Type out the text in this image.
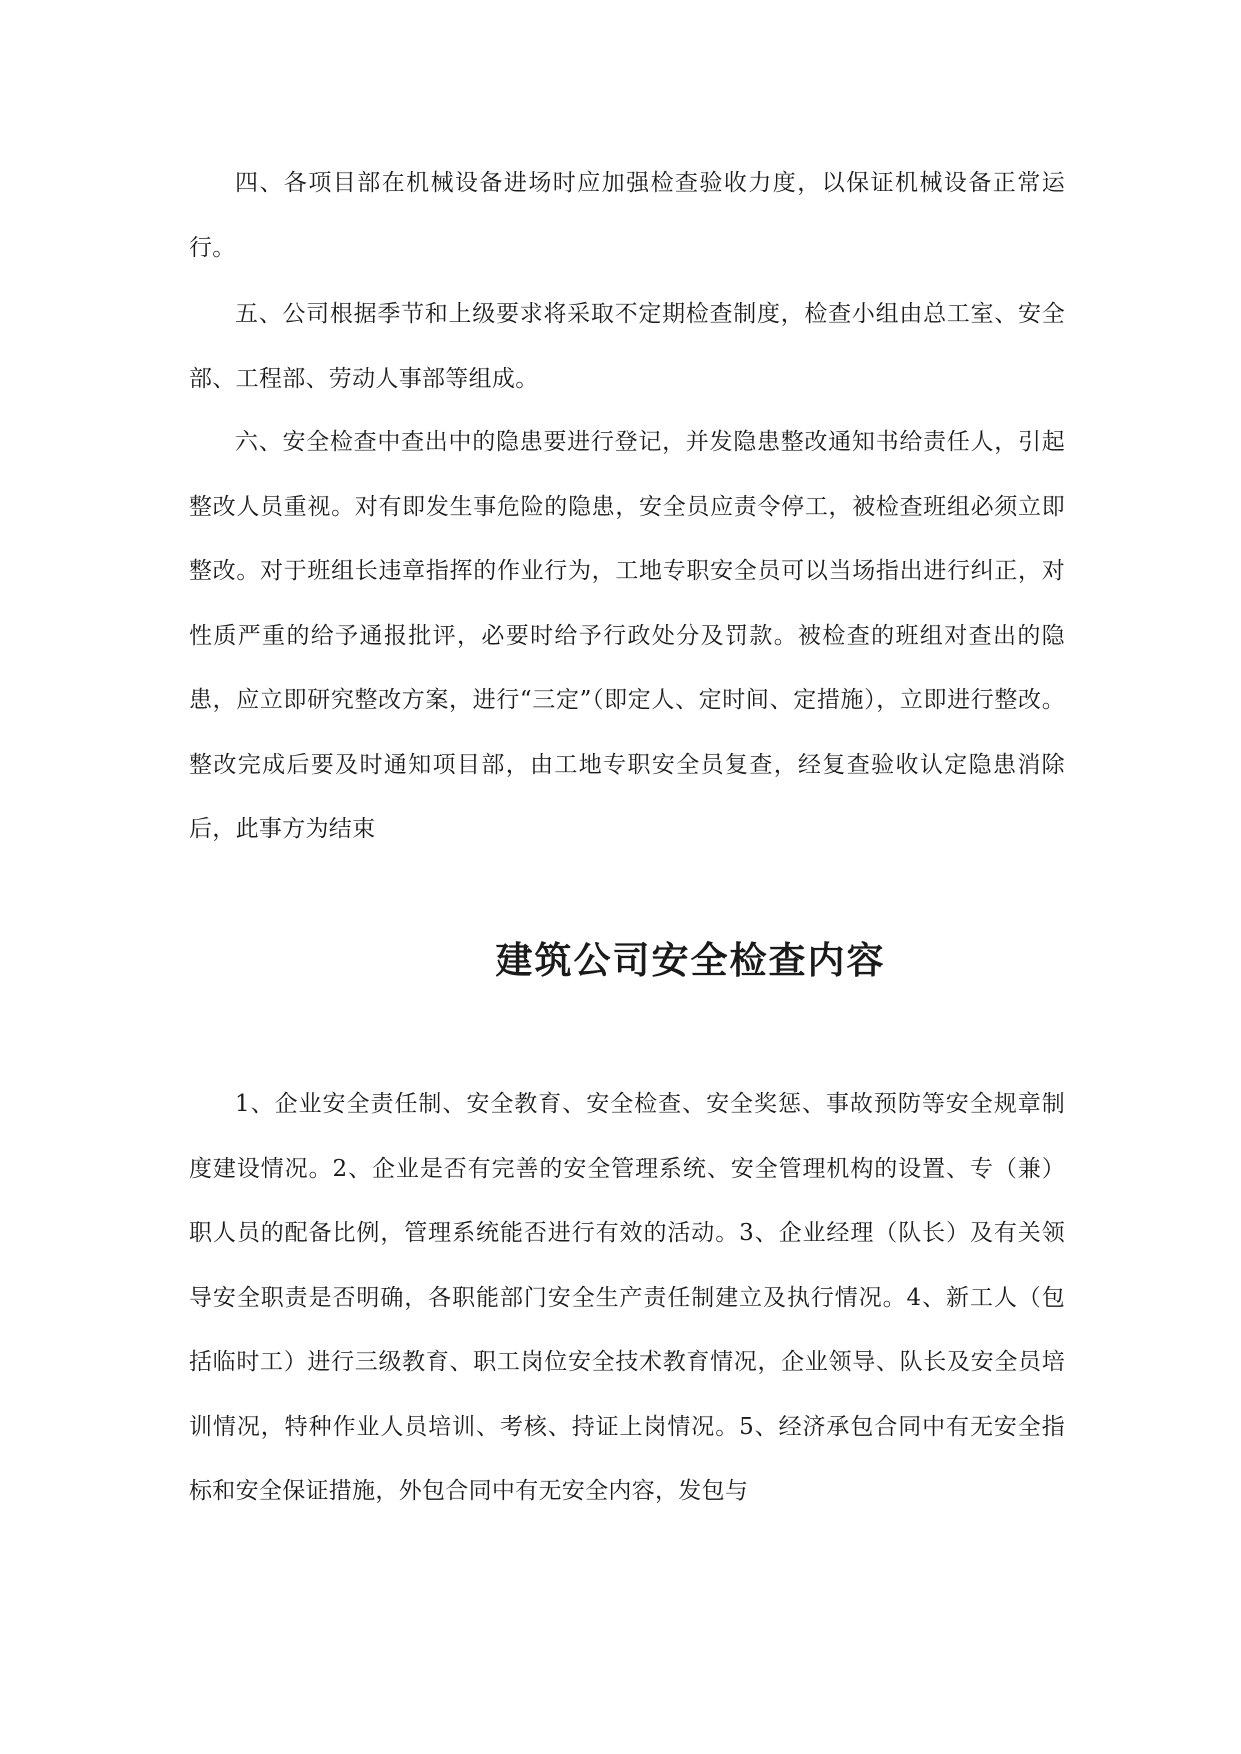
四、各项目部在机械设备进场时应加强检查验收力度，以保证机械设备正常运行。

五、公司根据季节和上级要求将采取不定期检查制度，检查小组由总工室、安全部、工程部、劳动人事部等组成。

六、安全检查中查出中的隐患要进行登记，并发隐患整改通知书给责任人，引起整改人员重视。对有即发生事危险的隐患，安全员应责令停工，被检查班组必须立即整改。对于班组长违章指挥的作业行为，工地专职安全员可以当场指出进行纠正，对性质严重的给予通报批评，必要时给予行政处分及罚款。被检查的班组对查出的隐患，应立即研究整改方案，进行“三定”（即定人、定时间、定措施），立即进行整改。整改完成后要及时通知项目部，由工地专职安全员复查，经复查验收认定隐患消除后，此事方为结束

建筑公司安全检查内容

1、企业安全责任制、安全教育、安全检查、安全奖惩、事故预防等安全规章制度建设情况。2、企业是否有完善的安全管理系统、安全管理机构的设置、专（兼）职人员的配备比例，管理系统能否进行有效的活动。3、企业经理（队长）及有关领导安全职责是否明确，各职能部门安全生产责任制建立及执行情况。4、新工人（包括临时工）进行三级教育、职工岗位安全技术教育情况，企业领导、队长及安全员培训情况，特种作业人员培训、考核、持证上岗情况。5、经济承包合同中有无安全指标和安全保证措施，外包合同中有无安全内容，发包与
